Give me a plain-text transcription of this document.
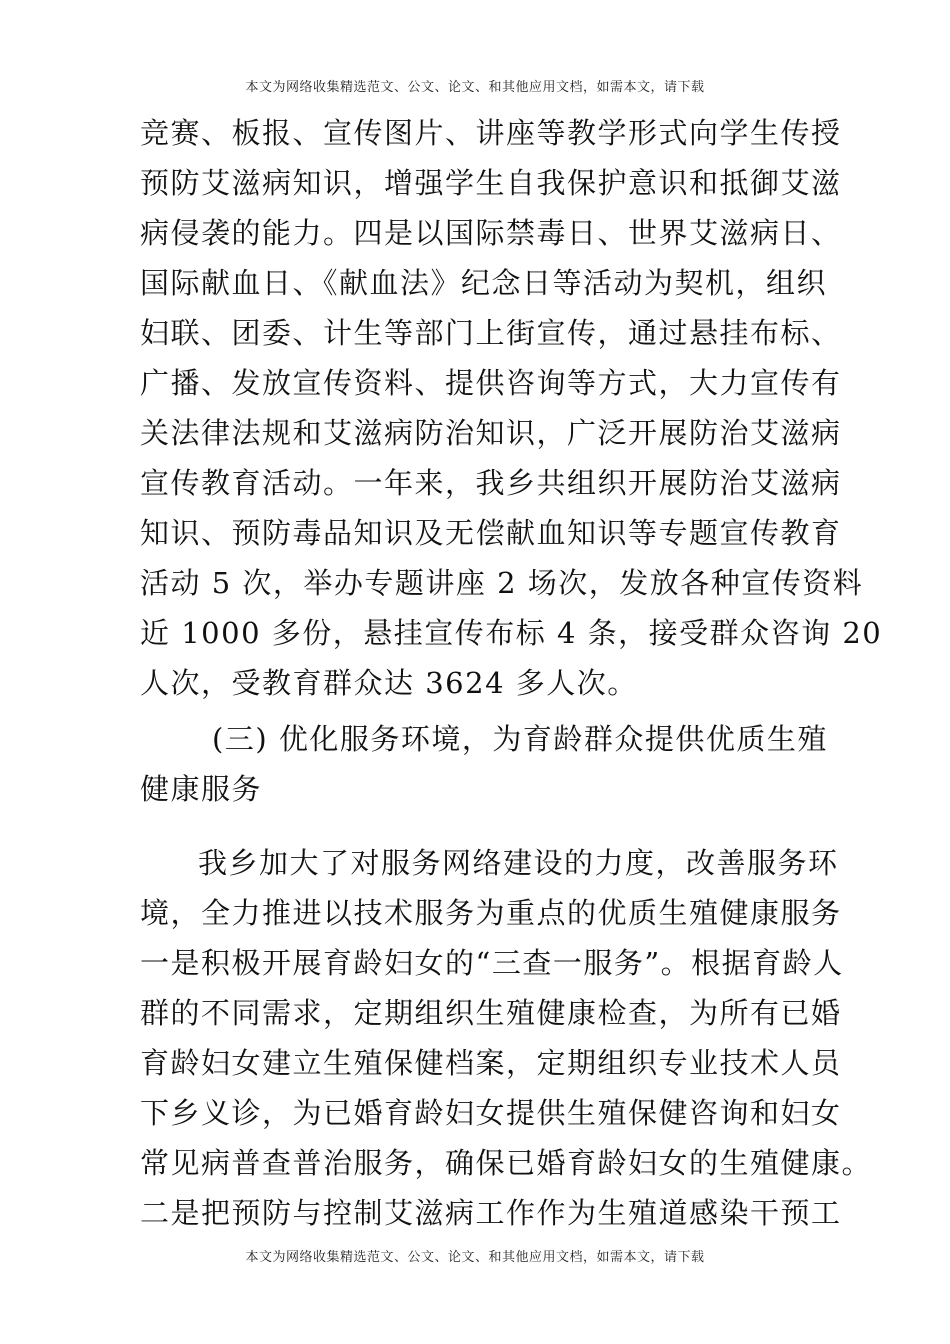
本文为网络收集精选范文、公文、论文、和其他应用文档，如需本文，请下载
竞赛、板报、宣传图片、讲座等教学形式向学生传授
预防艾滋病知识，增强学生自我保护意识和抵御艾滋
病侵袭的能力。四是以国际禁毒日、世界艾滋病日、
国际献血日、《献血法》纪念日等活动为契机，组织
妇联、团委、计生等部门上街宣传，通过悬挂布标、
广播、发放宣传资料、提供咨询等方式，大力宣传有
关法律法规和艾滋病防治知识，广泛开展防治艾滋病
宣传教育活动。一年来，我乡共组织开展防治艾滋病
知识、预防毒品知识及无偿献血知识等专题宣传教育
活动 5 次，举办专题讲座 2 场次，发放各种宣传资料
近 1000 多份，悬挂宣传布标 4 条，接受群众咨询 20
人次，受教育群众达 3624 多人次。
(三) 优化服务环境，为育龄群众提供优质生殖
健康服务
我乡加大了对服务网络建设的力度，改善服务环
境，全力推进以技术服务为重点的优质生殖健康服务
一是积极开展育龄妇女的“三查一服务”。根据育龄人
群的不同需求，定期组织生殖健康检查，为所有已婚
育龄妇女建立生殖保健档案，定期组织专业技术人员
下乡义诊，为已婚育龄妇女提供生殖保健咨询和妇女
常见病普查普治服务，确保已婚育龄妇女的生殖健康。
二是把预防与控制艾滋病工作作为生殖道感染干预工
本文为网络收集精选范文、公文、论文、和其他应用文档，如需本文，请下载
